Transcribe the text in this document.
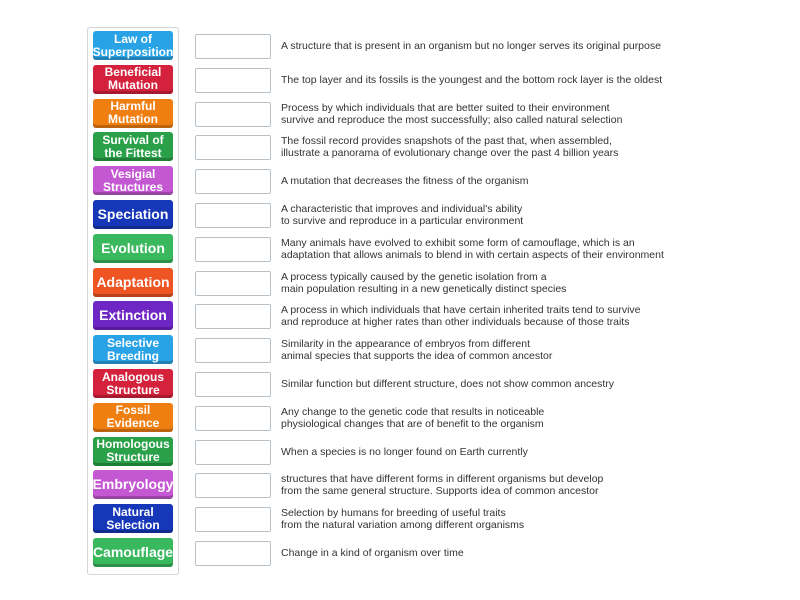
Law of
Superposition
Beneficial
Mutation
Harmful
Mutation
Survival of
the Fittest
Vesigial
Structures
Speciation
Evolution
Adaptation
Extinction
Selective
Breeding
Analogous
Structure
Fossil
Evidence
Homologous
Structure
Embryology
Natural
Selection
Camouflage
A structure that is present in an organism but no longer serves its original purpose
The top layer and its fossils is the youngest and the bottom rock layer is the oldest
Process by which individuals that are better suited to their environment
survive and reproduce the most successfully; also called natural selection
The fossil record provides snapshots of the past that, when assembled,
illustrate a panorama of evolutionary change over the past 4 billion years
A mutation that decreases the fitness of the organism
A characteristic that improves and individual's ability
to survive and reproduce in a particular environment
Many animals have evolved to exhibit some form of camouflage, which is an
adaptation that allows animals to blend in with certain aspects of their environment
A process typically caused by the genetic isolation from a
main population resulting in a new genetically distinct species
A process in which individuals that have certain inherited traits tend to survive
and reproduce at higher rates than other individuals because of those traits
Similarity in the appearance of embryos from different
animal species that supports the idea of common ancestor
Similar function but different structure, does not show common ancestry
Any change to the genetic code that results in noticeable
physiological changes that are of benefit to the organism
When a species is no longer found on Earth currently
structures that have different forms in different organisms but develop
from the same general structure. Supports idea of common ancestor
Selection by humans for breeding of useful traits
from the natural variation among different organisms
Change in a kind of organism over time
